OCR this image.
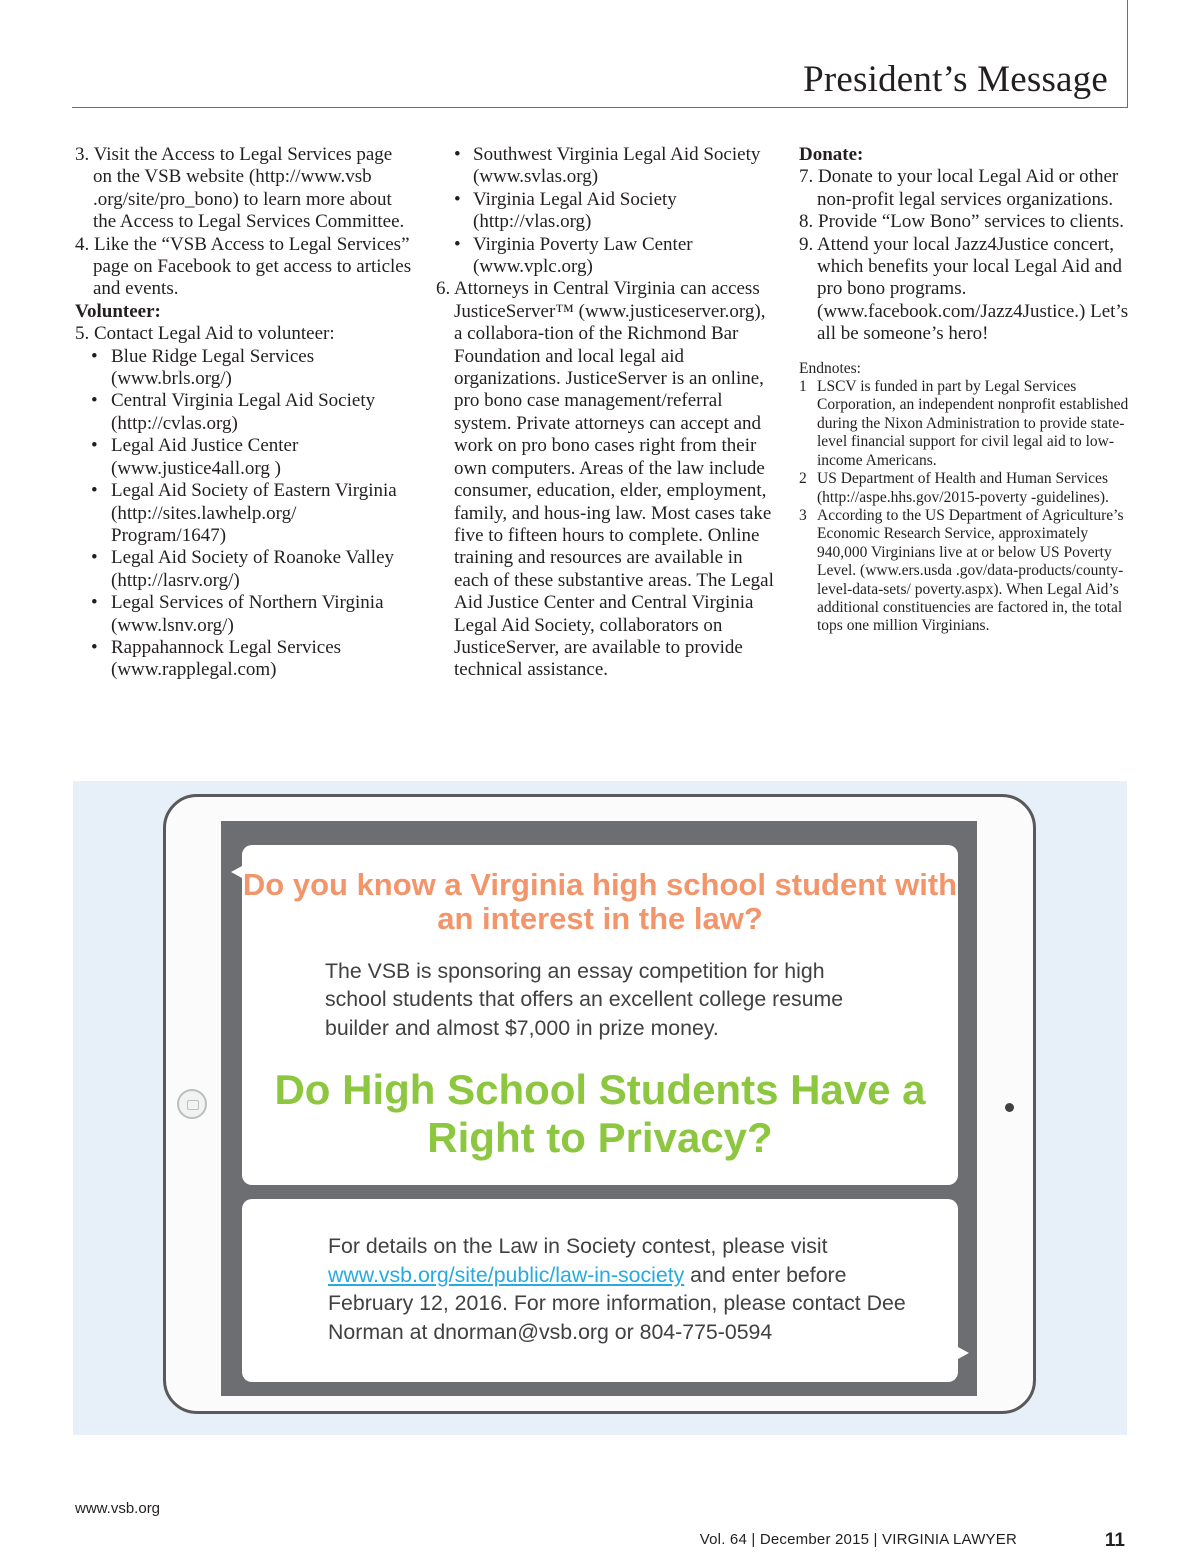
President’s Message
3. Visit the Access to Legal Services page on the VSB website (http://www.vsb .org/site/pro_bono) to learn more about the Access to Legal Services Committee.
4. Like the “VSB Access to Legal Services” page on Facebook to get access to articles and events.
Volunteer:
5. Contact Legal Aid to volunteer:
• Blue Ridge Legal Services (www.brls.org/)
• Central Virginia Legal Aid Society (http://cvlas.org)
• Legal Aid Justice Center (www.justice4all.org )
• Legal Aid Society of Eastern Virginia (http://sites.lawhelp.org/ Program/1647)
• Legal Aid Society of Roanoke Valley (http://lasrv.org/)
• Legal Services of Northern Virginia (www.lsnv.org/)
• Rappahannock Legal Services (www.rapplegal.com)
• Southwest Virginia Legal Aid Society (www.svlas.org)
• Virginia Legal Aid Society (http://vlas.org)
• Virginia Poverty Law Center (www.vplc.org)
6. Attorneys in Central Virginia can access JusticeServer™ (www.justiceserver.org), a collabora-tion of the Richmond Bar Foundation and local legal aid organizations. JusticeServer is an online, pro bono case management/referral system. Private attorneys can accept and work on pro bono cases right from their own computers. Areas of the law include consumer, education, elder, employment, family, and hous-ing law. Most cases take five to fifteen hours to complete. Online training and resources are available in each of these substantive areas. The Legal Aid Justice Center and Central Virginia Legal Aid Society, collaborators on JusticeServer, are available to provide technical assistance.
Donate:
7. Donate to your local Legal Aid or other non-profit legal services organizations.
8. Provide “Low Bono” services to clients.
9. Attend your local Jazz4Justice concert, which benefits your local Legal Aid and pro bono programs. (www.facebook.com/Jazz4Justice.) Let’s all be someone’s hero!
Endnotes:
1 LSCV is funded in part by Legal Services Corporation, an independent nonprofit established during the Nixon Administration to provide state-level financial support for civil legal aid to low-income Americans.
2 US Department of Health and Human Services (http://aspe.hhs.gov/2015-poverty -guidelines).
3 According to the US Department of Agriculture’s Economic Research Service, approximately 940,000 Virginians live at or below US Poverty Level. (www.ers.usda .gov/data-products/county-level-data-sets/ poverty.aspx). When Legal Aid’s additional constituencies are factored in, the total tops one million Virginians.
Do you know a Virginia high school student with an interest in the law?
The VSB is sponsoring an essay competition for high school students that offers an excellent college resume builder and almost $7,000 in prize money.
Do High School Students Have a Right to Privacy?
For details on the Law in Society contest, please visit www.vsb.org/site/public/law-in-society and enter before February 12, 2016. For more information, please contact Dee Norman at dnorman@vsb.org or 804-775-0594
www.vsb.org
Vol. 64 | December 2015 | VIRGINIA LAWYER	11
